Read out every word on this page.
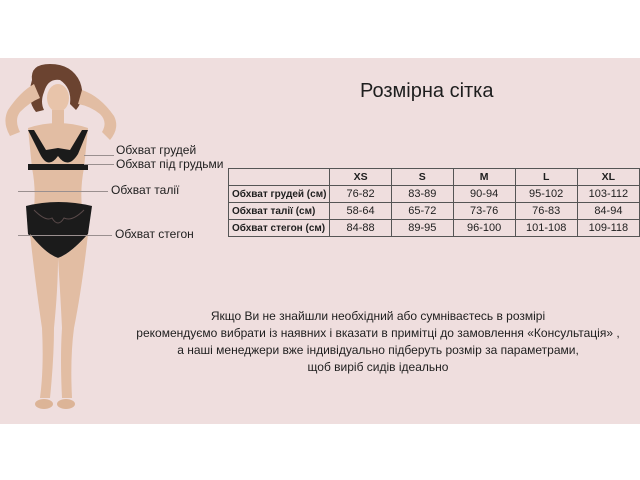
Обхват грудей
Обхват під грудьми
Обхват талії
Обхват стегон
Розмірна сітка
	XS	S	M	L	XL
Обхват грудей (см)	76-82	83-89	90-94	95-102	103-112
Обхват талії (см)	58-64	65-72	73-76	76-83	84-94
Обхват стегон (см)	84-88	89-95	96-100	101-108	109-118
Якщо Ви не знайшли необхідний або сумніваєтесь в розмірі
рекомендуємо вибрати із наявних і вказати в примітці до замовлення «Консультація» ,
а наші менеджери вже індивідуально підберуть розмір за параметрами,
щоб виріб сидів ідеально
